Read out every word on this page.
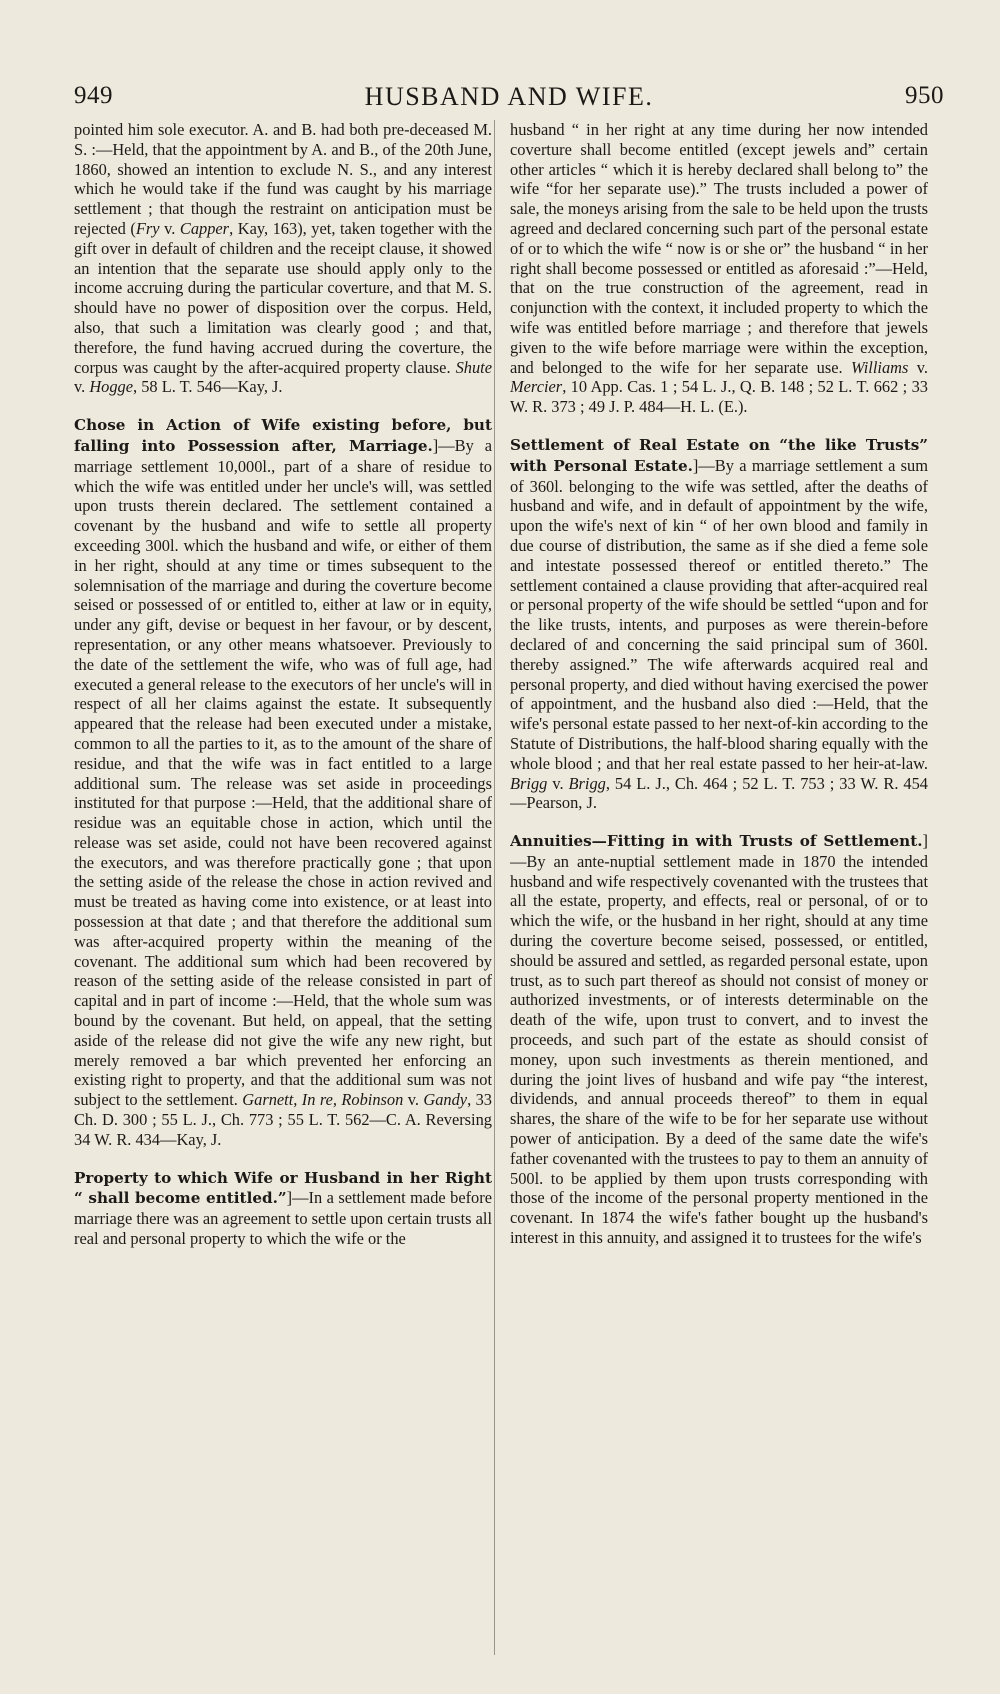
949	HUSBAND AND WIFE.	950

pointed him sole executor. A. and B. had both pre-deceased M. S. :—Held, that the appointment by A. and B., of the 20th June, 1860, showed an intention to exclude N. S., and any interest which he would take if the fund was caught by his marriage settlement ; that though the restraint on anticipation must be rejected (Fry v. Capper, Kay, 163), yet, taken together with the gift over in default of children and the receipt clause, it showed an intention that the separate use should apply only to the income accruing during the particular coverture, and that M. S. should have no power of disposition over the corpus. Held, also, that such a limitation was clearly good ; and that, therefore, the fund having accrued during the coverture, the corpus was caught by the after-acquired property clause. Shute v. Hogge, 58 L. T. 546—Kay, J.

Chose in Action of Wife existing before, but falling into Possession after, Marriage.]—By a marriage settlement 10,000l., part of a share of residue to which the wife was entitled under her uncle's will, was settled upon trusts therein declared. The settlement contained a covenant by the husband and wife to settle all property exceeding 300l. which the husband and wife, or either of them in her right, should at any time or times subsequent to the solemnisation of the marriage and during the coverture become seised or possessed of or entitled to, either at law or in equity, under any gift, devise or bequest in her favour, or by descent, representation, or any other means whatsoever. Previously to the date of the settlement the wife, who was of full age, had executed a general release to the executors of her uncle's will in respect of all her claims against the estate. It subsequently appeared that the release had been executed under a mistake, common to all the parties to it, as to the amount of the share of residue, and that the wife was in fact entitled to a large additional sum. The release was set aside in proceedings instituted for that purpose :—Held, that the additional share of residue was an equitable chose in action, which until the release was set aside, could not have been recovered against the executors, and was therefore practically gone ; that upon the setting aside of the release the chose in action revived and must be treated as having come into existence, or at least into possession at that date ; and that therefore the additional sum was after-acquired property within the meaning of the covenant. The additional sum which had been recovered by reason of the setting aside of the release consisted in part of capital and in part of income :—Held, that the whole sum was bound by the covenant. But held, on appeal, that the setting aside of the release did not give the wife any new right, but merely removed a bar which prevented her enforcing an existing right to property, and that the additional sum was not subject to the settlement. Garnett, In re, Robinson v. Gandy, 33 Ch. D. 300 ; 55 L. J., Ch. 773 ; 55 L. T. 562—C. A. Reversing 34 W. R. 434—Kay, J.

Property to which Wife or Husband in her Right “ shall become entitled.”]—In a settlement made before marriage there was an agreement to settle upon certain trusts all real and personal property to which the wife or the

husband “ in her right at any time during her now intended coverture shall become entitled (except jewels and” certain other articles “ which it is hereby declared shall belong to” the wife “for her separate use).” The trusts included a power of sale, the moneys arising from the sale to be held upon the trusts agreed and declared concerning such part of the personal estate of or to which the wife “ now is or she or” the husband “ in her right shall become possessed or entitled as aforesaid :”—Held, that on the true construction of the agreement, read in conjunction with the context, it included property to which the wife was entitled before marriage ; and therefore that jewels given to the wife before marriage were within the exception, and belonged to the wife for her separate use. Williams v. Mercier, 10 App. Cas. 1 ; 54 L. J., Q. B. 148 ; 52 L. T. 662 ; 33 W. R. 373 ; 49 J. P. 484—H. L. (E.).

Settlement of Real Estate on “the like Trusts” with Personal Estate.]—By a marriage settlement a sum of 360l. belonging to the wife was settled, after the deaths of husband and wife, and in default of appointment by the wife, upon the wife's next of kin “ of her own blood and family in due course of distribution, the same as if she died a feme sole and intestate possessed thereof or entitled thereto.” The settlement contained a clause providing that after-acquired real or personal property of the wife should be settled “upon and for the like trusts, intents, and purposes as were therein-before declared of and concerning the said principal sum of 360l. thereby assigned.” The wife afterwards acquired real and personal property, and died without having exercised the power of appointment, and the husband also died :—Held, that the wife's personal estate passed to her next-of-kin according to the Statute of Distributions, the half-blood sharing equally with the whole blood ; and that her real estate passed to her heir-at-law. Brigg v. Brigg, 54 L. J., Ch. 464 ; 52 L. T. 753 ; 33 W. R. 454—Pearson, J.

Annuities—Fitting in with Trusts of Settlement.]—By an ante-nuptial settlement made in 1870 the intended husband and wife respectively covenanted with the trustees that all the estate, property, and effects, real or personal, of or to which the wife, or the husband in her right, should at any time during the coverture become seised, possessed, or entitled, should be assured and settled, as regarded personal estate, upon trust, as to such part thereof as should not consist of money or authorized investments, or of interests determinable on the death of the wife, upon trust to convert, and to invest the proceeds, and such part of the estate as should consist of money, upon such investments as therein mentioned, and during the joint lives of husband and wife pay “the interest, dividends, and annual proceeds thereof” to them in equal shares, the share of the wife to be for her separate use without power of anticipation. By a deed of the same date the wife's father covenanted with the trustees to pay to them an annuity of 500l. to be applied by them upon trusts corresponding with those of the income of the personal property mentioned in the covenant. In 1874 the wife's father bought up the husband's interest in this annuity, and assigned it to trustees for the wife's
